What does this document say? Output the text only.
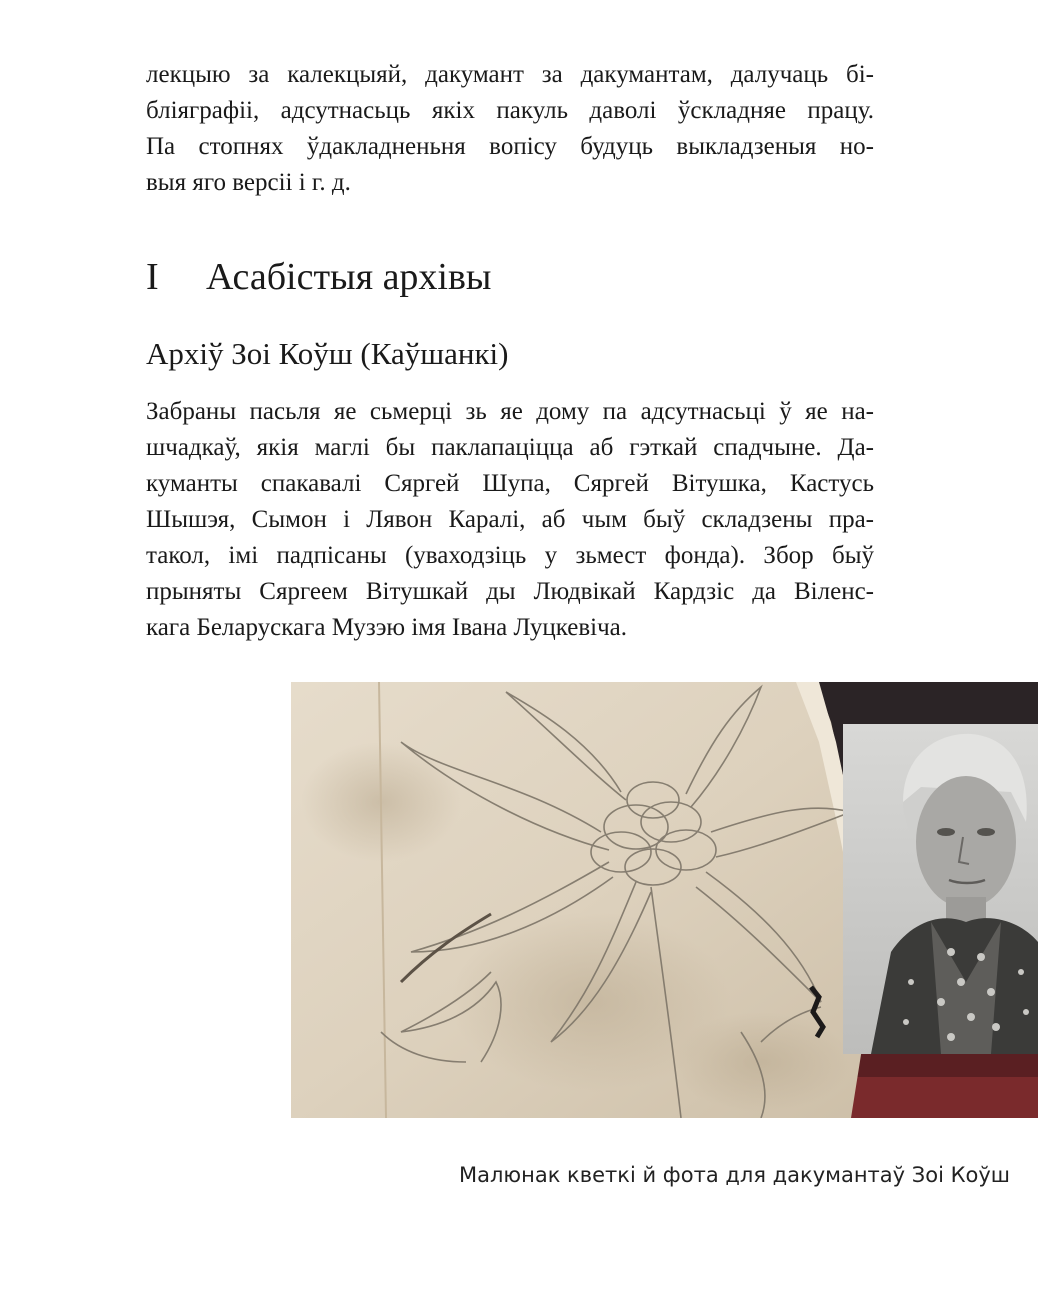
лекцыю за калекцыяй, дакумант за дакумантам, далучаць бі-
бліяграфіі, адсутнасьць якіх пакуль даволі ўскладняе працу.
Па стопнях ўдакладненьня вопісу будуць выкладзеныя но-
выя яго версіі і г. д.
I Асабістыя архівы
Архіў Зоі Коўш (Каўшанкі)
Забраны пасьля яе сьмерці зь яе дому па адсутнасьці ў яе на-
шчадкаў, якія маглі бы паклапаціцца аб гэткай спадчыне. Да-
куманты спакавалі Сяргей Шупа, Сяргей Вітушка, Кастусь
Шышэя, Сымон і Лявон Каралі, аб чым быў складзены пра-
такол, імі падпісаны (уваходзіць у зьмест фонда). Збор быў
прыняты Сяргеем Вітушкай ды Людвікай Кардзіс да Віленс-
кага Беларускага Музэю імя Івана Луцкевіча.
Малюнак кветкі й фота для дакумантаў Зоі Коўш
